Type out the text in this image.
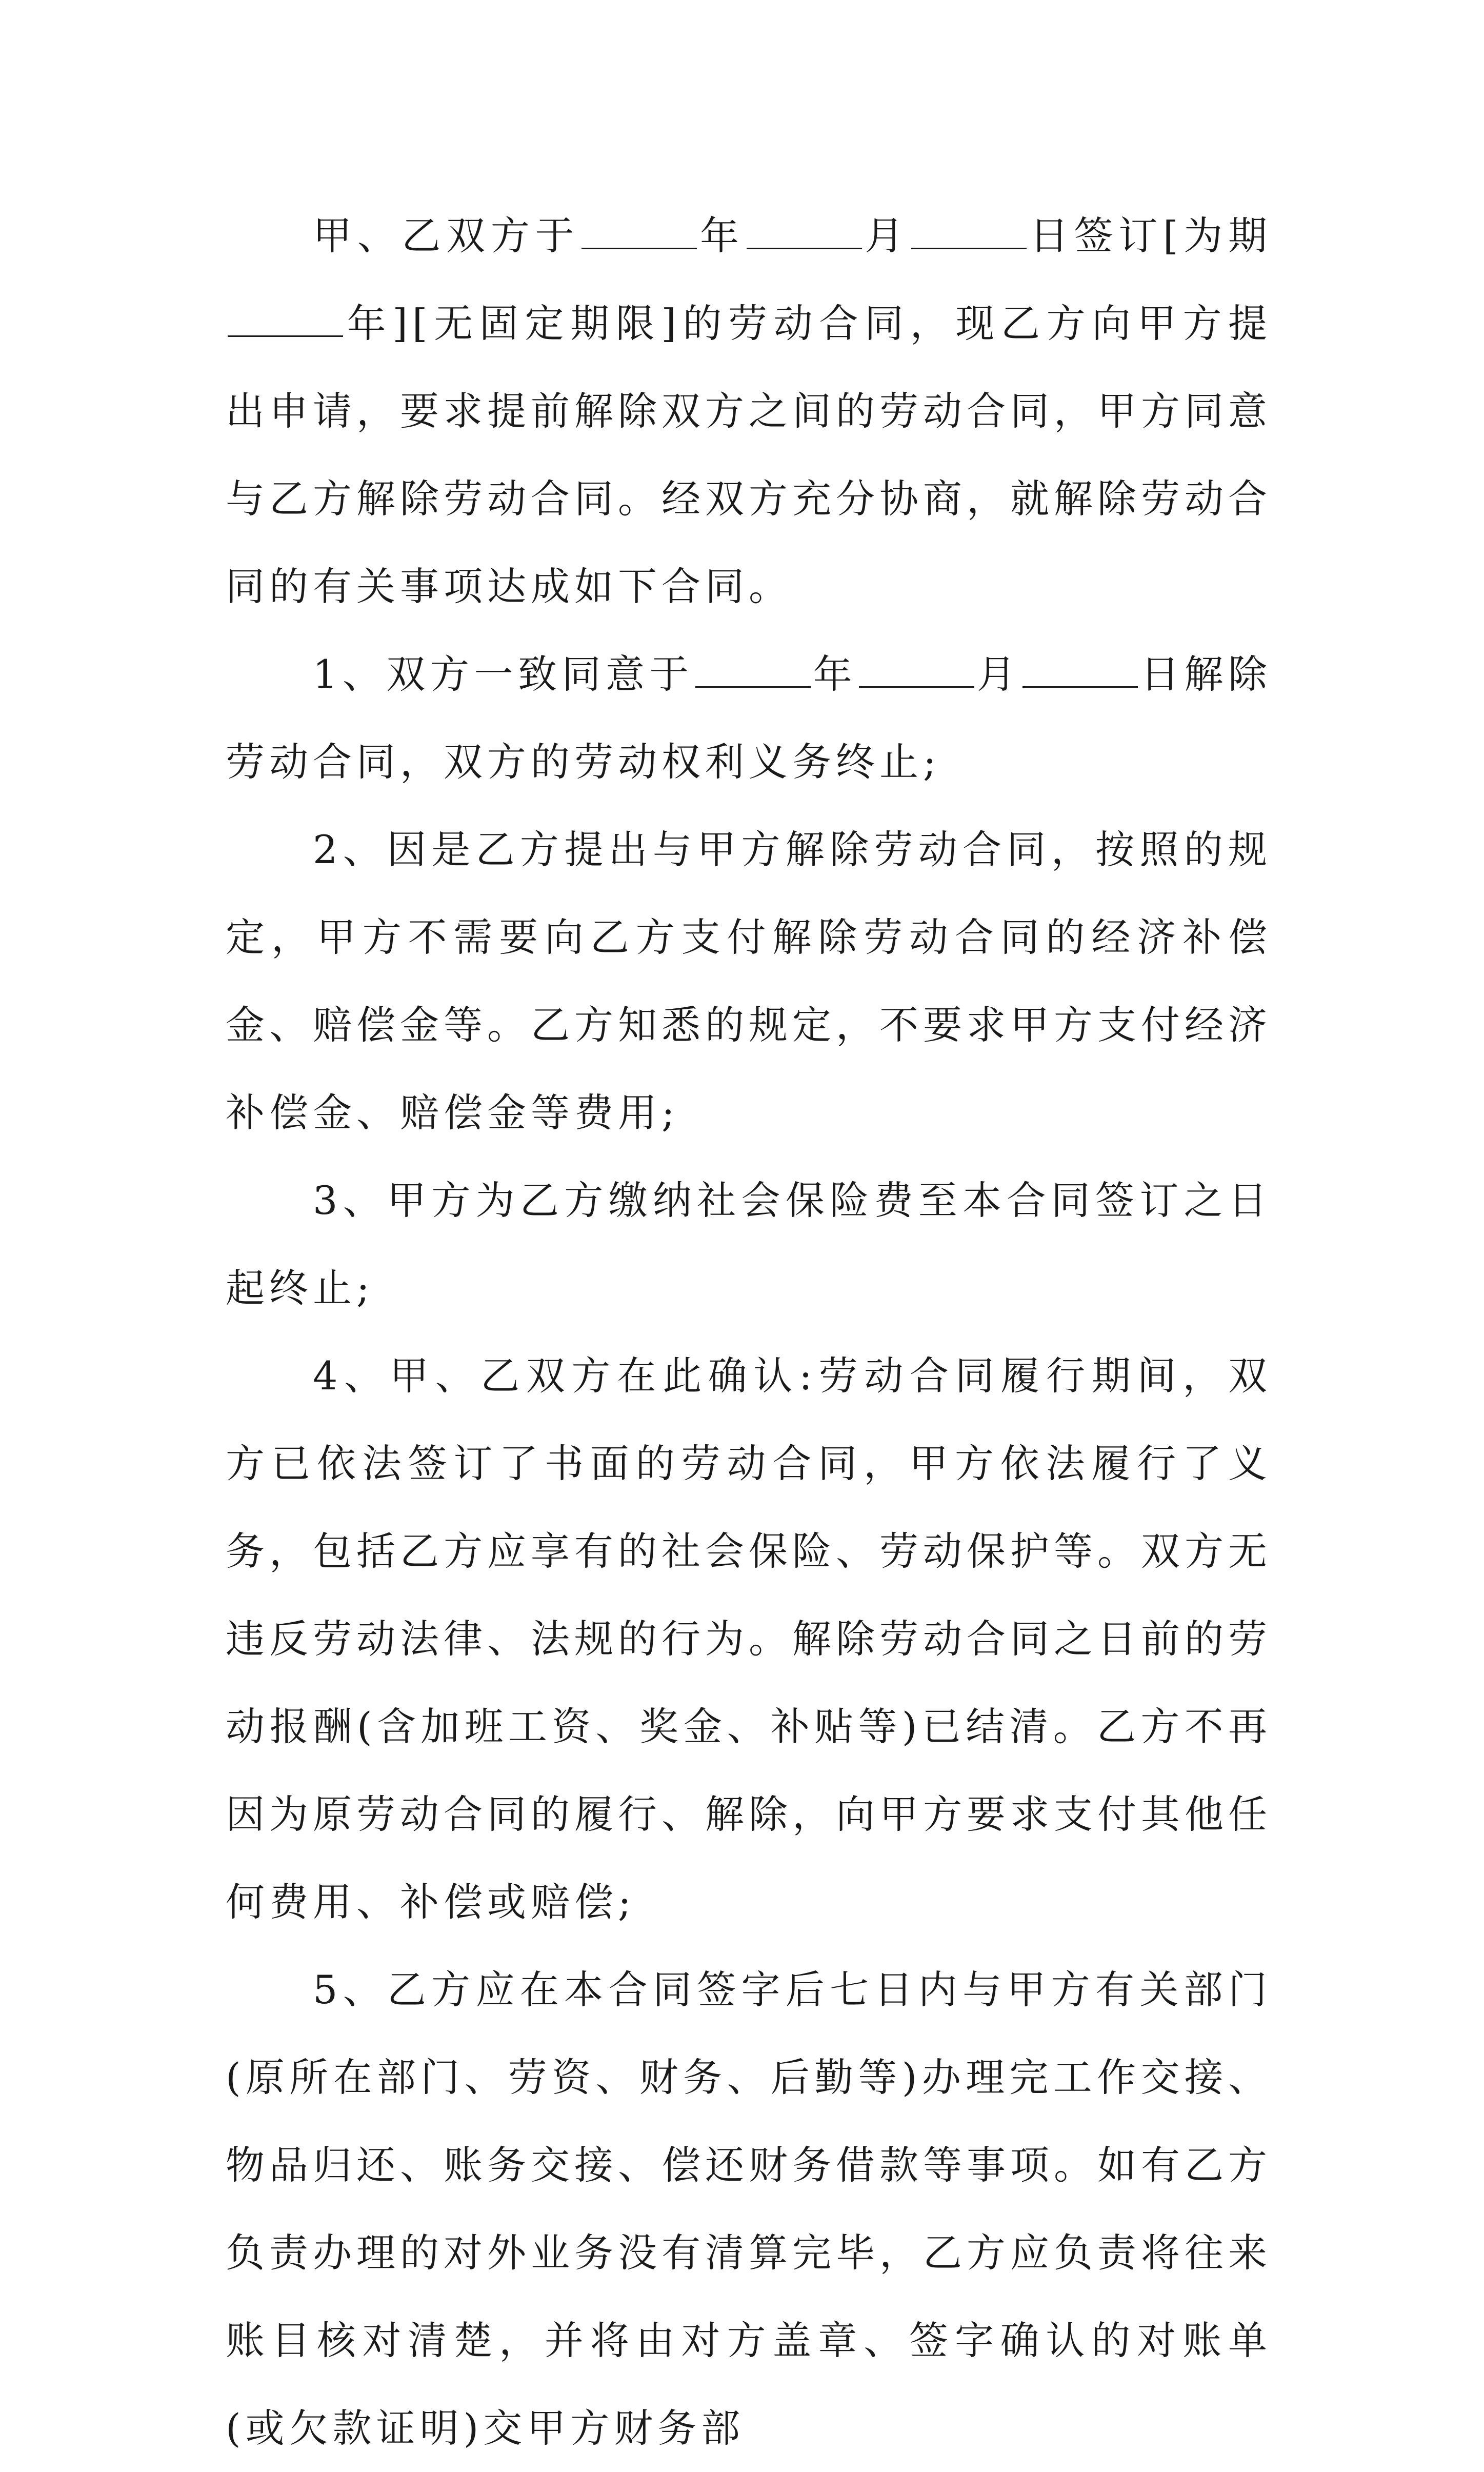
甲、乙双方于	年	月	日签订[为期年][无固定期限]的劳动合同，现乙方向甲方提出申请，要求提前解除双方之间的劳动合同，甲方同意与乙方解除劳动合同。经双方充分协商，就解除劳动合同的有关事项达成如下合同。

1、双方一致同意于	年	月	日解除劳动合同，双方的劳动权利义务终止;

2、因是乙方提出与甲方解除劳动合同，按照的规定，甲方不需要向乙方支付解除劳动合同的经济补偿金、赔偿金等。乙方知悉的规定，不要求甲方支付经济补偿金、赔偿金等费用;

3、甲方为乙方缴纳社会保险费至本合同签订之日起终止;

4、甲、乙双方在此确认:劳动合同履行期间，双方已依法签订了书面的劳动合同，甲方依法履行了义务，包括乙方应享有的社会保险、劳动保护等。双方无违反劳动法律、法规的行为。解除劳动合同之日前的劳动报酬(含加班工资、奖金、补贴等)已结清。乙方不再因为原劳动合同的履行、解除，向甲方要求支付其他任何费用、补偿或赔偿;

5、乙方应在本合同签字后七日内与甲方有关部门(原所在部门、劳资、财务、后勤等)办理完工作交接、物品归还、账务交接、偿还财务借款等事项。如有乙方负责办理的对外业务没有清算完毕，乙方应负责将往来账目核对清楚，并将由对方盖章、签字确认的对账单(或欠款证明)交甲方财务部
